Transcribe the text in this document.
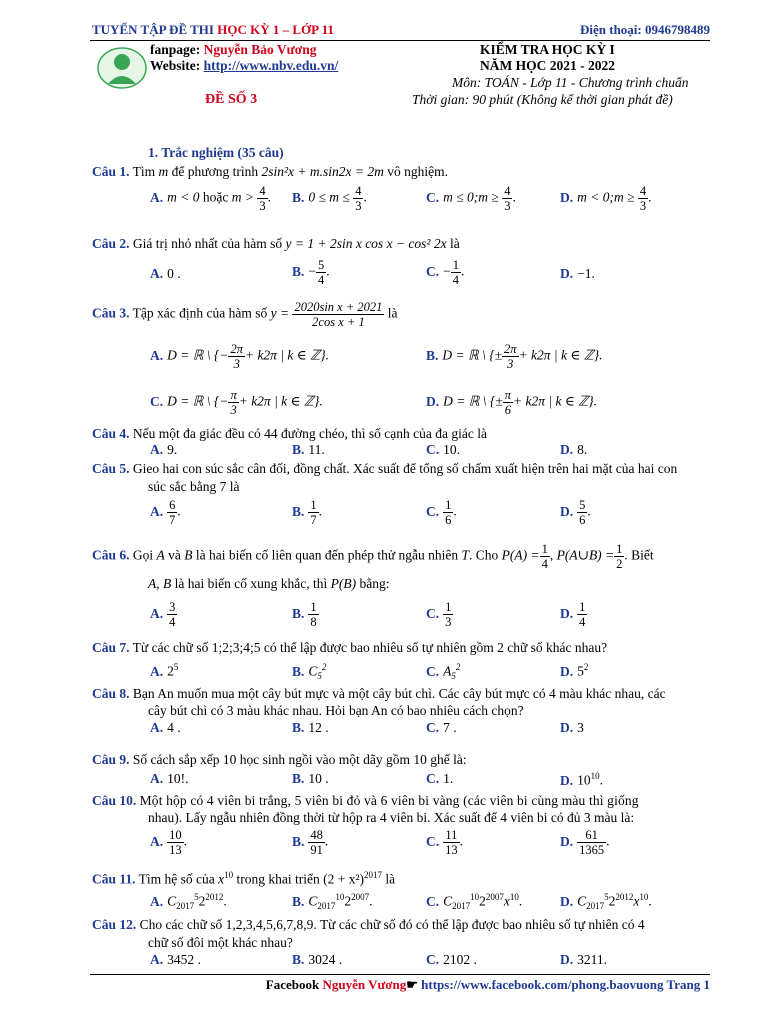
TUYỂN TẬP ĐỀ THI HỌC KỲ 1 – LỚP 11	Điện thoại: 0946798489
fanpage: Nguyễn Bảo Vương
Website: http://www.nbv.edu.vn/
ĐỀ SỐ 3
KIỂM TRA HỌC KỲ I
NĂM HỌC 2021 - 2022
Môn: TOÁN - Lớp 11 - Chương trình chuẩn
Thời gian: 90 phút (Không kể thời gian phát đề)
1. Trắc nghiệm (35 câu)
Câu 1. Tìm m để phương trình 2sin²x + m.sin2x = 2m vô nghiệm.
A. m < 0 hoặc $m > \frac{4}{3}$ . B. $0 \le m \le \frac{4}{3}$ .	C. m ≤ 0;m ≥ $\frac{4}{3}$ .	D. m < 0;m ≥ $\frac{4}{3}$ .
Câu 2. Giá trị nhỏ nhất của hàm số y = 1 + 2sin x cos x − cos² 2x là
A. 0 .	B. − $\frac{5}{4}$ .	C. − $\frac{1}{4}$ .	D. −1.
Câu 3. Tập xác định của hàm số $y = \frac{\text{2020sin x + 2021}}{\text{2cos x + 1}}$ là
A. D = ℝ \ {− $\frac{2\pi}{3} + k2\pi$ | k ∈ ℤ}.	B. D = ℝ \ {± $\frac{2\pi}{3} + k2\pi$ | k ∈ ℤ}.
C. D = ℝ \ {− $\frac{\pi}{3} + k2\pi$ | k ∈ ℤ}.	D. D = ℝ \ {± $\frac{\pi}{6} + k2\pi$ | k ∈ ℤ}.
Câu 4. Nếu một đa giác đều có 44 đường chéo, thì số cạnh của đa giác là
A. 9.	B. 11.	C. 10.	D. 8.
Câu 5. Gieo hai con súc sắc cân đối, đồng chất. Xác suất để tổng số chấm xuất hiện trên hai mặt của hai con
súc sắc bằng 7 là
A. $\frac{6}{7}$ .	B. $\frac{1}{7}$ .	C. $\frac{1}{6}$ .	D. $\frac{5}{6}$ .
Câu 6. Gọi A và B là hai biến cố liên quan đến phép thử ngẫu nhiên T. Cho $P(A) = \frac{1}{4}$ , P(A∪B) = $\frac{1}{2}$ . Biết
A, B là hai biến cố xung khắc, thì P(B) bằng:
A. $\frac{3}{4}$	B. $\frac{1}{8}$	C. $\frac{1}{3}$	D. $\frac{1}{4}$
Câu 7. Từ các chữ số 1;2;3;4;5 có thể lập được bao nhiêu số tự nhiên gồm 2 chữ số khác nhau?
A. $2^5$	B. $C_5^2$	C. $A_5^2$	D. $5^2$
Câu 8. Bạn An muốn mua một cây bút mực và một cây bút chì. Các cây bút mực có 4 màu khác nhau, các
cây bút chì có 3 màu khác nhau. Hỏi bạn An có bao nhiêu cách chọn?
A. 4 .	B. 12 .	C. 7 .	D. 3
Câu 9. Số cách sắp xếp 10 học sinh ngồi vào một dãy gồm 10 ghế là:
A. 10!.	B. 10 .	C. 1.	D. $10^{10}$.
Câu 10. Một hộp có 4 viên bi trắng, 5 viên bi đỏ và 6 viên bi vàng (các viên bi cùng màu thì giống
nhau). Lấy ngẫu nhiên đồng thời từ hộp ra 4 viên bi. Xác suất để 4 viên bi có đủ 3 màu là:
A. $\frac{10}{13}$ .	B. $\frac{48}{91}$ .	C. $\frac{11}{13}$ .	D. $\frac{61}{1365}$ .
Câu 11. Tìm hệ số của $x^{10}$ trong khai triển $(2 + x^2)^{2017}$ là
A. $C_{2017}^52^{2012}$.	B. $C_{2017}^{10}2^{2007}$.	C. $C_{2017}^{10}2^{2007}x^{10}$.	D. $C_{2017}^52^{2012}x^{10}$.
Câu 12. Cho các chữ số 1,2,3,4,5,6,7,8,9. Từ các chữ số đó có thể lập được bao nhiêu số tự nhiên có 4
chữ số đôi một khác nhau?
A. 3452 .	B. 3024 .	C. 2102 .	D. 3211.
Facebook Nguyễn Vương☛ https://www.facebook.com/phong.baovuong Trang 1
